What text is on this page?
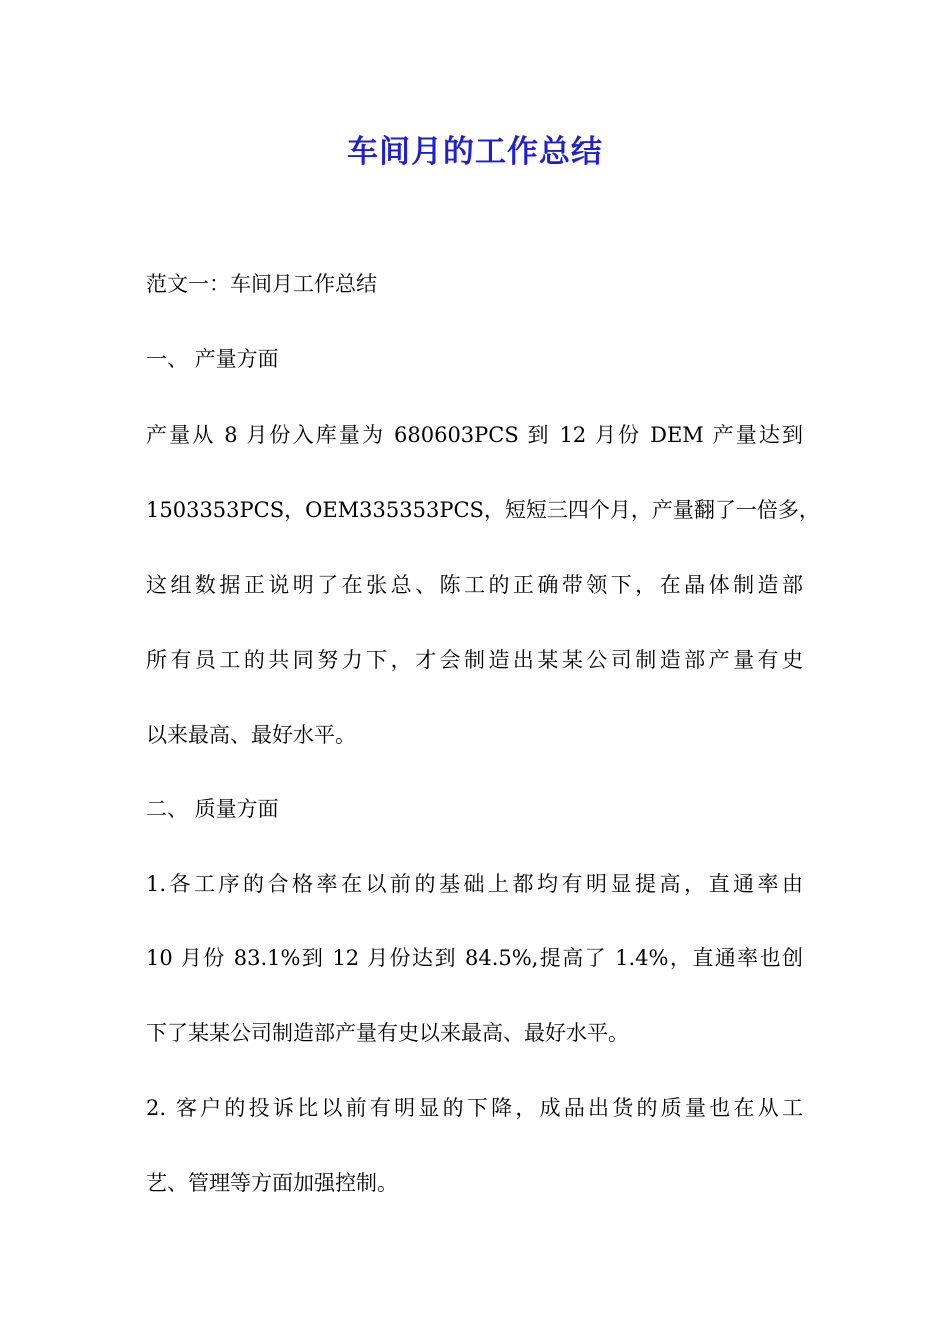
车间月的工作总结

范文一：车间月工作总结

一、 产量方面

产量从 8 月份入库量为 680603PCS 到 12 月份 DEM 产量达到

1503353PCS，OEM335353PCS，短短三四个月，产量翻了一倍多，

这组数据正说明了在张总、陈工的正确带领下，在晶体制造部

所有员工的共同努力下，才会制造出某某公司制造部产量有史

以来最高、最好水平。

二、 质量方面

1.各工序的合格率在以前的基础上都均有明显提高，直通率由

10 月份 83.1%到 12 月份达到 84.5%,提高了 1.4%，直通率也创

下了某某公司制造部产量有史以来最高、最好水平。

2. 客户的投诉比以前有明显的下降，成品出货的质量也在从工

艺、管理等方面加强控制。
